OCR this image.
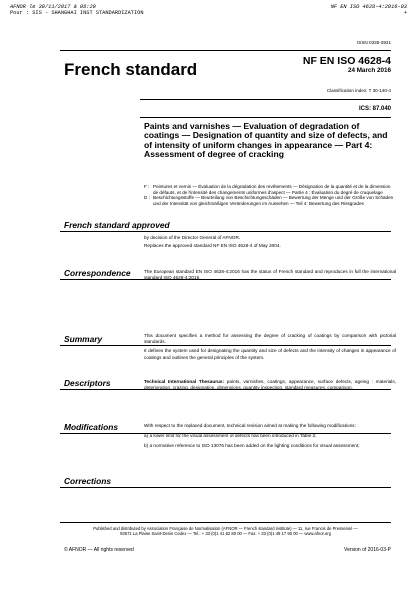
AFNOR le 30/11/2017 à 08:20
Pour : SIS - SHANGHAI INST STANDARDIZATION
NF EN ISO 4628-4:2016-03
+
ISSN 0335-3931
French standard	NF EN ISO 4628-4
24 March 2016
Classification index: T 30-140-4
ICS: 87.040
Paints and varnishes — Evaluation of degradation of coatings — Designation of quantity and size of defects, and of intensity of uniform changes in appearance — Part 4: Assessment of degree of cracking
F : Peintures et vernis — Évaluation de la dégradation des revêtements — Désignation de la quantité et de la dimension de défauts, et de l'intensité des changements uniformes d'aspect — Partie 4 : Évaluation du degré de craquelage
D : Beschichtungsstoffe — Beurteilung von Beschichtungsschäden — Bewertung der Menge und der Größe von Schäden und der Intensität von gleichmäßigen Veränderungen im Aussehen — Teil 4: Bewertung des Rissgrades
French standard approved
by decision of the Director General of AFNOR.
Replaces the approved standard NF EN ISO 4628-4 of May 2004.
Correspondence	The European standard EN ISO 4628-4:2016 has the status of French standard and reproduces in full the international standard ISO 4628-4:2016.
Summary	This document specifies a method for assessing the degree of cracking of coatings by comparison with pictorial standards.

It defines the system used for designating the quantity and size of defects and the intensity of changes in appearance of coatings and outlines the general principles of the system.

Descriptors	Technical International Thesaurus: paints, varnishes, coatings, appearance, surface defects, ageing : materials, deterioration, crazing, designation, dimensions, quantity inspection, standard measures, comparison.
Modifications	With respect to the replaced document, technical revision aimed at making the following modifications:

a) a lower limit for the visual assessment of defects has been introduced in Table 2;

b) a normative reference to ISO 13076 has been added on the lighting conditions for visual assessment;

Corrections
Published and distributed by Association Française de Normalisation (AFNOR — French standard institute) — 11, rue Francis de Pressensé —
93571 La Plaine Saint-Denis Cedex — Tel.: + 33 (0)1 41 62 80 00 — Fax: + 33 (0)1 49 17 90 00 — www.afnor.org
© AFNOR — All rights reserved	Version of 2016-03-P
